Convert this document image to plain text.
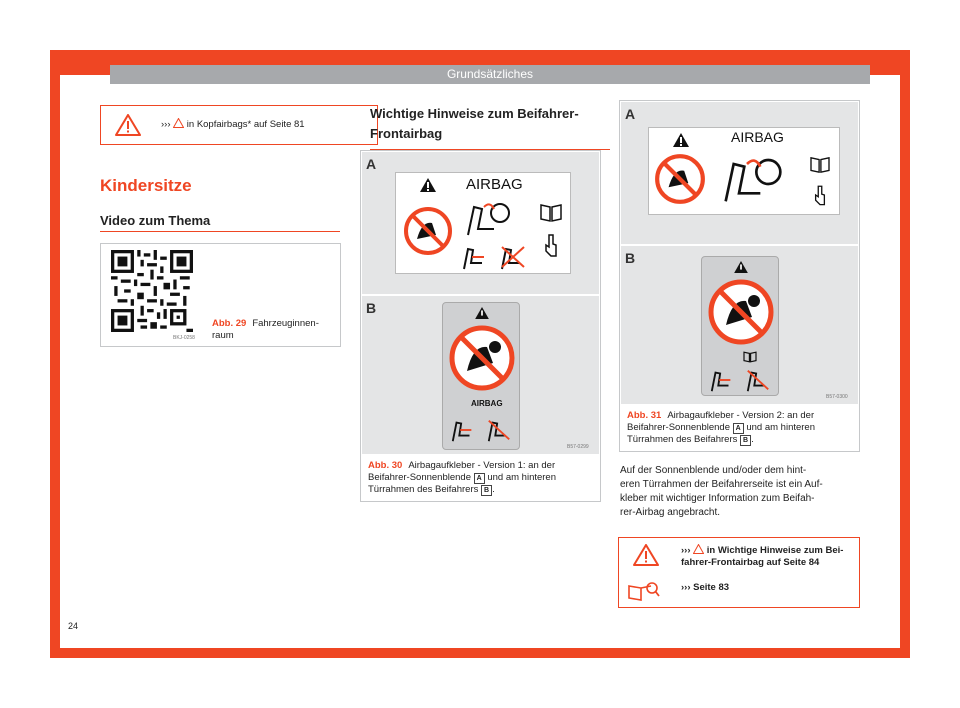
Grundsätzliches
››› in Kopfairbags* auf Seite 81
Kindersitze
Video zum Thema
BKJ-0258
Abb. 29 Fahrzeuginnen-raum
Wichtige Hinweise zum Beifahrer-Frontairbag
A
AIRBAG
B
AIRBAG
B57-0299
Abb. 30 Airbagaufkleber - Version 1: an der
Beifahrer-Sonnenblende A und am hinteren
Türrahmen des Beifahrers B .
A
AIRBAG
B
B57-0300
Abb. 31 Airbagaufkleber - Version 2: an der
Beifahrer-Sonnenblende A und am hinteren
Türrahmen des Beifahrers B .
Auf der Sonnenblende und/oder dem hint-
eren Türrahmen der Beifahrerseite ist ein Auf-
kleber mit wichtiger Information zum Beifah-
rer-Airbag angebracht.
››› in Wichtige Hinweise zum Bei-
fahrer-Frontairbag auf Seite 84
››› Seite 83
24
